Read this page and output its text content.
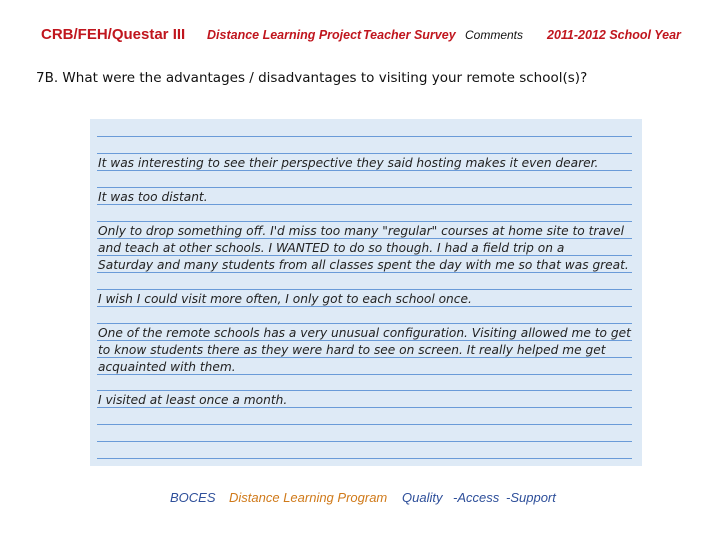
CRB/FEH/Questar III Distance Learning Project Teacher Survey Comments 2011-2012 School Year
7B. What were the advantages / disadvantages to visiting your remote school(s)?
It was interesting to see their perspective they said hosting makes it even dearer.
It was too distant.
Only to drop something off. I'd miss too many "regular" courses at home site to travel
and teach at other schools. I WANTED to do so though. I had a field trip on a
Saturday and many students from all classes spent the day with me so that was great.
I wish I could visit more often, I only got to each school once.
One of the remote schools has a very unusual configuration. Visiting allowed me to get
to know students there as they were hard to see on screen. It really helped me get
acquainted with them.
I visited at least once a month.
BOCES Distance Learning Program Quality -Access -Support
